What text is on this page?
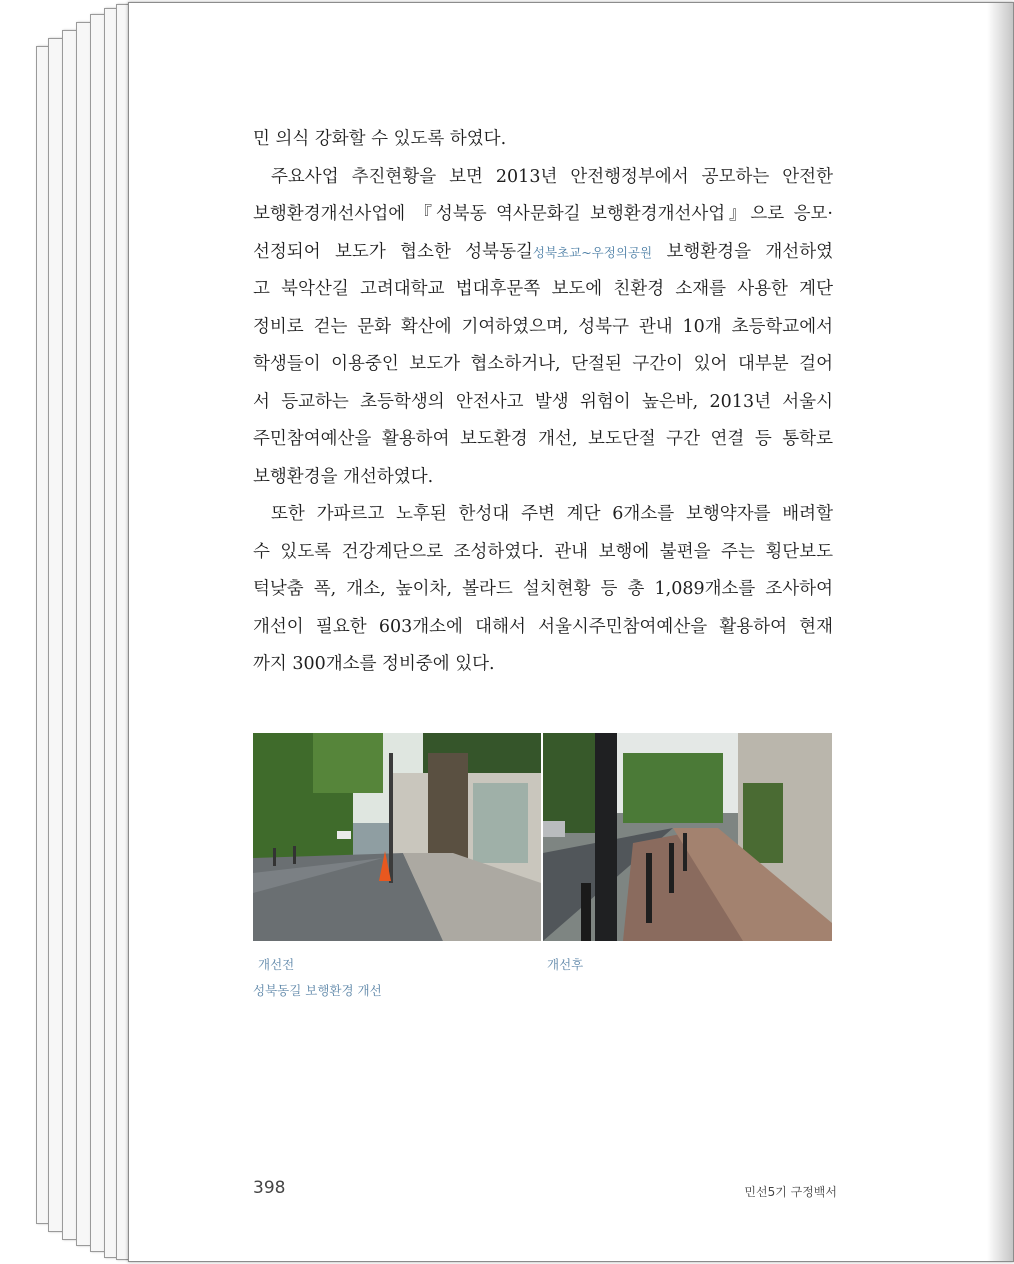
민 의식 강화할 수 있도록 하였다.
주요사업 추진현황을 보면 2013년 안전행정부에서 공모하는 안전한
보행환경개선사업에 『성북동 역사문화길 보행환경개선사업』으로 응모·
선정되어 보도가 협소한 성북동길성북초교~우정의공원 보행환경을 개선하였
고 북악산길 고려대학교 법대후문쪽 보도에 친환경 소재를 사용한 계단
정비로 걷는 문화 확산에 기여하였으며, 성북구 관내 10개 초등학교에서
학생들이 이용중인 보도가 협소하거나, 단절된 구간이 있어 대부분 걸어
서 등교하는 초등학생의 안전사고 발생 위험이 높은바, 2013년 서울시
주민참여예산을 활용하여 보도환경 개선, 보도단절 구간 연결 등 통학로
보행환경을 개선하였다.
또한 가파르고 노후된 한성대 주변 계단 6개소를 보행약자를 배려할
수 있도록 건강계단으로 조성하였다. 관내 보행에 불편을 주는 횡단보도
턱낮춤 폭, 개소, 높이차, 볼라드 설치현황 등 총 1,089개소를 조사하여
개선이 필요한 603개소에 대해서 서울시주민참여예산을 활용하여 현재
까지 300개소를 정비중에 있다.
개선전	개선후
성북동길 보행환경 개선
398	민선5기 구정백서
